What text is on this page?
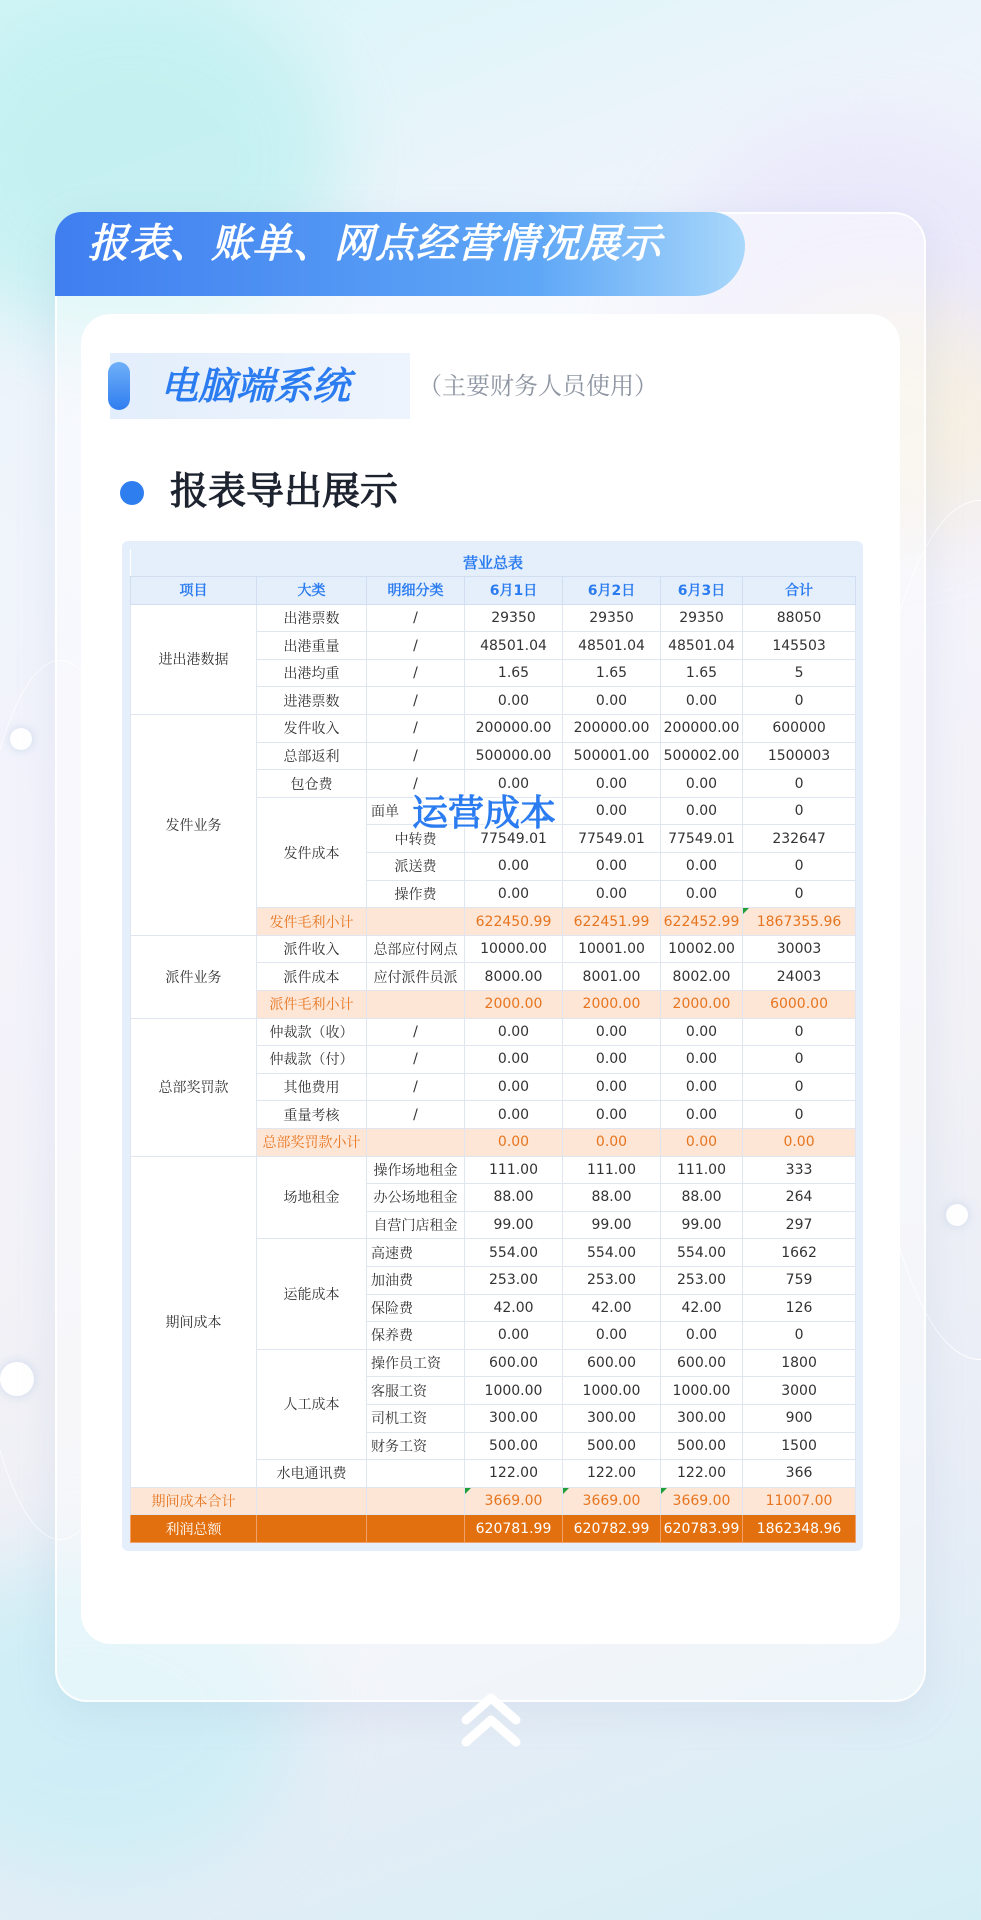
报表、账单、网点经营情况展示
电脑端系统	（主要财务人员使用）
报表导出展示
营业总表						
项目	大类	明细分类	6月1日	6月2日	6月3日	合计
进出港数据	出港票数	/	29350	29350	29350	88050
	出港重量	/	48501.04	48501.04	48501.04	145503
	出港均重	/	1.65	1.65	1.65	5
	进港票数	/	0.00	0.00	0.00	0
发件业务	发件收入	/	200000.00	200000.00	200000.00	600000
	总部返利	/	500000.00	500001.00	500002.00	1500003
	包仓费	/	0.00	0.00	0.00	0
	发件成本	面单		0.00	0.00	0
		中转费	77549.01	77549.01	77549.01	232647
		派送费	0.00	0.00	0.00	0
		操作费	0.00	0.00	0.00	0
	发件毛利小计		622450.99	622451.99	622452.99	1867355.96
派件业务	派件收入	总部应付网点	10000.00	10001.00	10002.00	30003
	派件成本	应付派件员派	8000.00	8001.00	8002.00	24003
	派件毛利小计		2000.00	2000.00	2000.00	6000.00
总部奖罚款	仲裁款（收）	/	0.00	0.00	0.00	0
	仲裁款（付）	/	0.00	0.00	0.00	0
	其他费用	/	0.00	0.00	0.00	0
	重量考核	/	0.00	0.00	0.00	0
	总部奖罚款小计		0.00	0.00	0.00	0.00
期间成本	场地租金	操作场地租金	111.00	111.00	111.00	333
		办公场地租金	88.00	88.00	88.00	264
		自营门店租金	99.00	99.00	99.00	297
	运能成本	高速费	554.00	554.00	554.00	1662
		加油费	253.00	253.00	253.00	759
		保险费	42.00	42.00	42.00	126
		保养费	0.00	0.00	0.00	0
	人工成本	操作员工资	600.00	600.00	600.00	1800
		客服工资	1000.00	1000.00	1000.00	3000
		司机工资	300.00	300.00	300.00	900
		财务工资	500.00	500.00	500.00	1500
	水电通讯费		122.00	122.00	122.00	366
期间成本合计			3669.00	3669.00	3669.00	11007.00
利润总额			620781.99	620782.99	620783.99	1862348.96
运营成本
